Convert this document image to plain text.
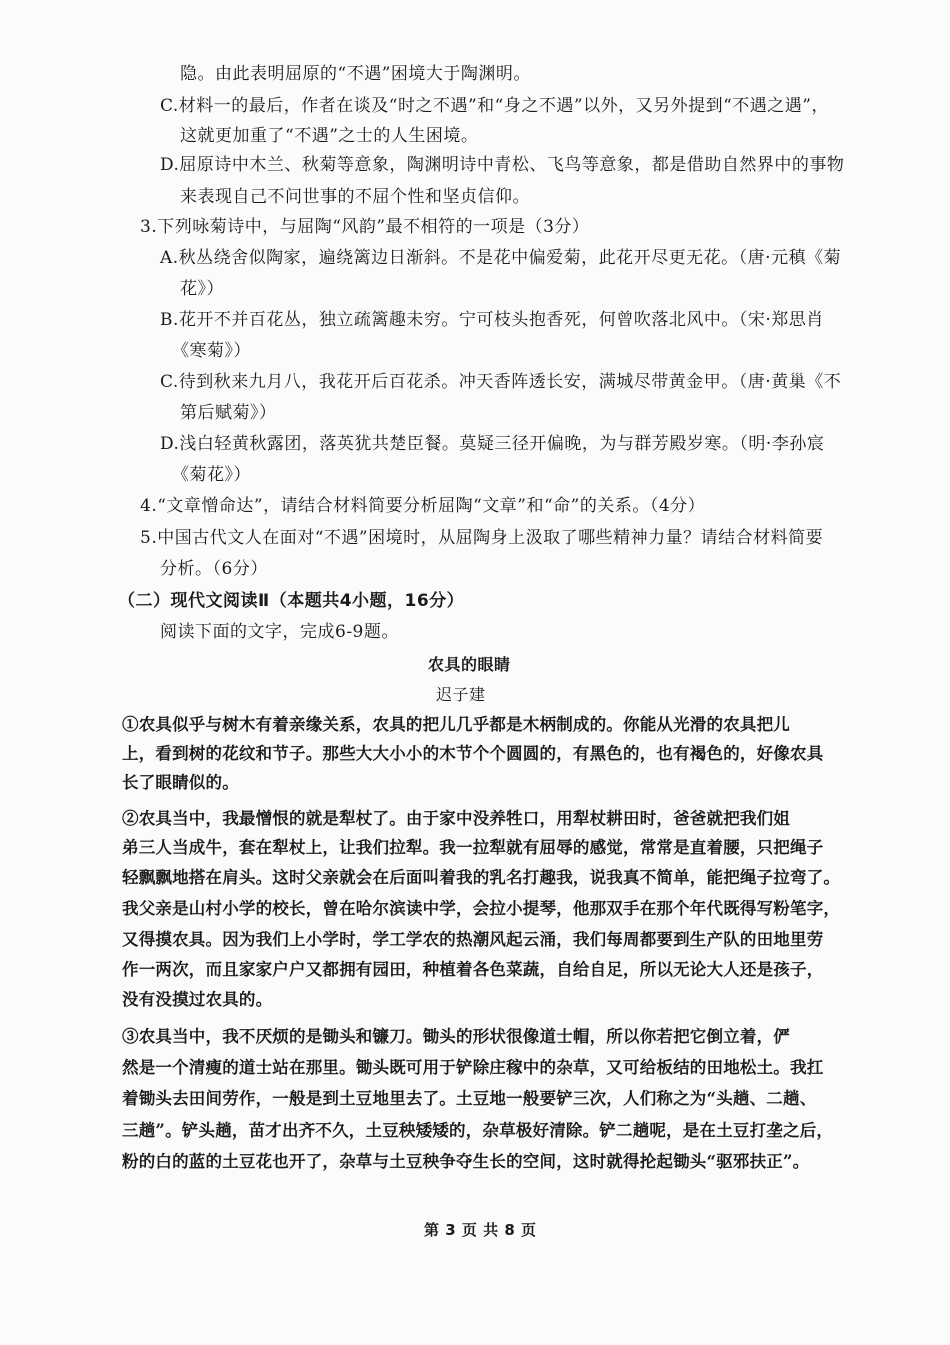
隐。由此表明屈原的“不遇”困境大于陶渊明。
C.材料一的最后，作者在谈及“时之不遇”和“身之不遇”以外，又另外提到“不遇之遇”，
这就更加重了“不遇”之士的人生困境。
D.屈原诗中木兰、秋菊等意象，陶渊明诗中青松、飞鸟等意象，都是借助自然界中的事物
来表现自己不问世事的不屈个性和坚贞信仰。
3.下列咏菊诗中，与屈陶“风韵”最不相符的一项是（3分）
A.秋丛绕舍似陶家，遍绕篱边日渐斜。不是花中偏爱菊，此花开尽更无花。（唐·元稹《菊
花》）
B.花开不并百花丛，独立疏篱趣未穷。宁可枝头抱香死，何曾吹落北风中。（宋·郑思肖
《寒菊》）
C.待到秋来九月八，我花开后百花杀。冲天香阵透长安，满城尽带黄金甲。（唐·黄巢《不
第后赋菊》）
D.浅白轻黄秋露团，落英犹共楚臣餐。莫疑三径开偏晚，为与群芳殿岁寒。（明·李孙宸
《菊花》）
4.“文章憎命达”，请结合材料简要分析屈陶“文章”和“命”的关系。（4分）
5.中国古代文人在面对“不遇”困境时，从屈陶身上汲取了哪些精神力量？请结合材料简要
分析。（6分）
（二）现代文阅读Ⅱ（本题共4小题，16分）
阅读下面的文字，完成6-9题。
农具的眼睛
迟子建
①农具似乎与树木有着亲缘关系，农具的把儿几乎都是木柄制成的。你能从光滑的农具把儿
上，看到树的花纹和节子。那些大大小小的木节个个圆圆的，有黑色的，也有褐色的，好像农具
长了眼睛似的。
②农具当中，我最憎恨的就是犁杖了。由于家中没养牲口，用犁杖耕田时，爸爸就把我们姐
弟三人当成牛，套在犁杖上，让我们拉犁。我一拉犁就有屈辱的感觉，常常是直着腰，只把绳子
轻飘飘地搭在肩头。这时父亲就会在后面叫着我的乳名打趣我，说我真不简单，能把绳子拉弯了。
我父亲是山村小学的校长，曾在哈尔滨读中学，会拉小提琴，他那双手在那个年代既得写粉笔字，
又得摸农具。因为我们上小学时，学工学农的热潮风起云涌，我们每周都要到生产队的田地里劳
作一两次，而且家家户户又都拥有园田，种植着各色菜蔬，自给自足，所以无论大人还是孩子，
没有没摸过农具的。
③农具当中，我不厌烦的是锄头和镰刀。锄头的形状很像道士帽，所以你若把它倒立着，俨
然是一个清瘦的道士站在那里。锄头既可用于铲除庄稼中的杂草，又可给板结的田地松土。我扛
着锄头去田间劳作，一般是到土豆地里去了。土豆地一般要铲三次，人们称之为“头趟、二趟、
三趟”。铲头趟，苗才出齐不久，土豆秧矮矮的，杂草极好清除。铲二趟呢，是在土豆打垄之后，
粉的白的蓝的土豆花也开了，杂草与土豆秧争夺生长的空间，这时就得抡起锄头“驱邪扶正”。
第 3 页 共 8 页
